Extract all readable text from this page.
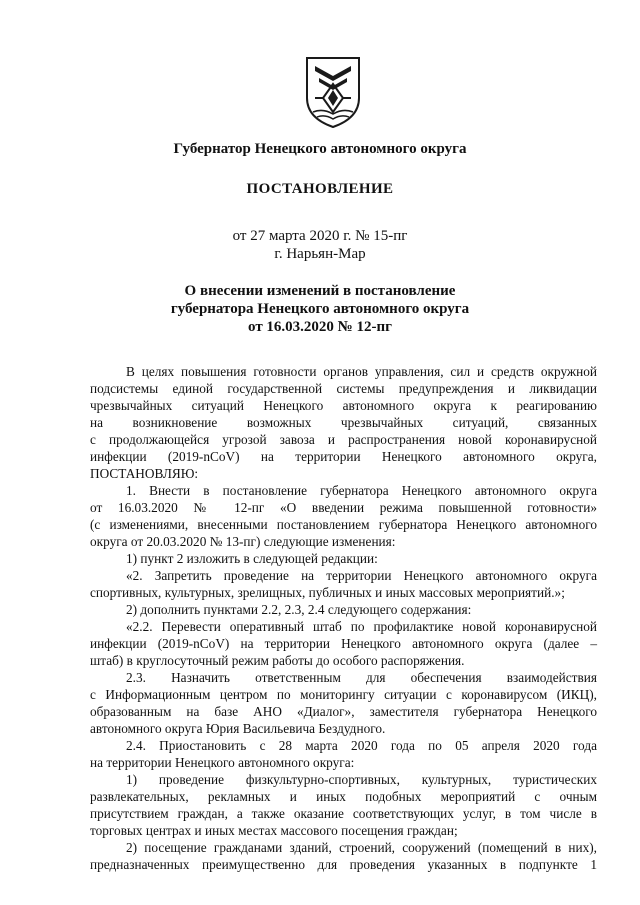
Губернатор Ненецкого автономного округа
ПОСТАНОВЛЕНИЕ
от 27 марта 2020 г. № 15-пг
г. Нарьян-Мар
О внесении изменений в постановление
губернатора Ненецкого автономного округа
от 16.03.2020 № 12-пг
В целях повышения готовности органов управления, сил и средств окружной
подсистемы единой государственной системы предупреждения и ликвидации
чрезвычайных ситуаций Ненецкого автономного округа к реагированию
на возникновение возможных чрезвычайных ситуаций, связанных
с продолжающейся угрозой завоза и распространения новой коронавирусной
инфекции (2019-nCoV) на территории Ненецкого автономного округа,
ПОСТАНОВЛЯЮ:
1. Внести в постановление губернатора Ненецкого автономного округа
от 16.03.2020 № 12-пг «О введении режима повышенной готовности»
(с изменениями, внесенными постановлением губернатора Ненецкого автономного
округа от 20.03.2020 № 13-пг) следующие изменения:
1) пункт 2 изложить в следующей редакции:
«2. Запретить проведение на территории Ненецкого автономного округа
спортивных, культурных, зрелищных, публичных и иных массовых мероприятий.»;
2) дополнить пунктами 2.2, 2.3, 2.4 следующего содержания:
«2.2. Перевести оперативный штаб по профилактике новой коронавирусной
инфекции (2019-nCoV) на территории Ненецкого автономного округа (далее –
штаб) в круглосуточный режим работы до особого распоряжения.
2.3. Назначить ответственным для обеспечения взаимодействия
с Информационным центром по мониторингу ситуации с коронавирусом (ИКЦ),
образованным на базе АНО «Диалог», заместителя губернатора Ненецкого
автономного округа Юрия Васильевича Бездудного.
2.4. Приостановить с 28 марта 2020 года по 05 апреля 2020 года
на территории Ненецкого автономного округа:
1) проведение физкультурно-спортивных, культурных, туристических
развлекательных, рекламных и иных подобных мероприятий с очным
присутствием граждан, а также оказание соответствующих услуг, в том числе в
торговых центрах и иных местах массового посещения граждан;
2) посещение гражданами зданий, строений, сооружений (помещений в них),
предназначенных преимущественно для проведения указанных в подпункте 1
